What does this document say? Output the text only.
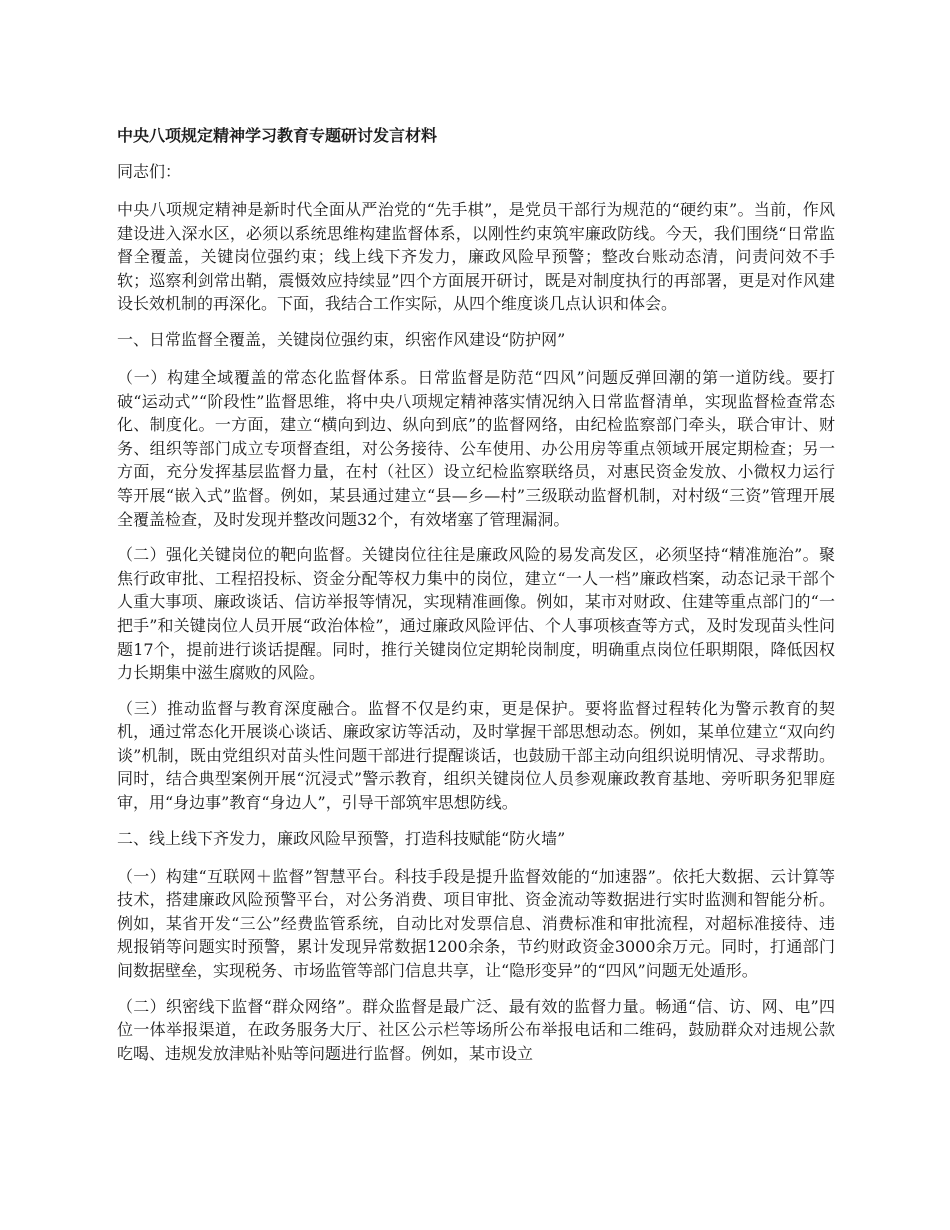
中央八项规定精神学习教育专题研讨发言材料
同志们：

中央八项规定精神是新时代全面从严治党的“先手棋”，是党员干部行为规范的“硬约束”。当前，作风建设进入深水区，必须以系统思维构建监督体系，以刚性约束筑牢廉政防线。今天，我们围绕“日常监督全覆盖，关键岗位强约束；线上线下齐发力，廉政风险早预警；整改台账动态清，问责问效不手软；巡察利剑常出鞘，震慑效应持续显”四个方面展开研讨，既是对制度执行的再部署，更是对作风建设长效机制的再深化。下面，我结合工作实际，从四个维度谈几点认识和体会。

一、日常监督全覆盖，关键岗位强约束，织密作风建设“防护网”

（一）构建全域覆盖的常态化监督体系。日常监督是防范“四风”问题反弹回潮的第一道防线。要打破“运动式”“阶段性”监督思维，将中央八项规定精神落实情况纳入日常监督清单，实现监督检查常态化、制度化。一方面，建立“横向到边、纵向到底”的监督网络，由纪检监察部门牵头，联合审计、财务、组织等部门成立专项督查组，对公务接待、公车使用、办公用房等重点领域开展定期检查；另一方面，充分发挥基层监督力量，在村（社区）设立纪检监察联络员，对惠民资金发放、小微权力运行等开展“嵌入式”监督。例如，某县通过建立“县—乡—村”三级联动监督机制，对村级“三资”管理开展全覆盖检查，及时发现并整改问题32个，有效堵塞了管理漏洞。

（二）强化关键岗位的靶向监督。关键岗位往往是廉政风险的易发高发区，必须坚持“精准施治”。聚焦行政审批、工程招投标、资金分配等权力集中的岗位，建立“一人一档”廉政档案，动态记录干部个人重大事项、廉政谈话、信访举报等情况，实现精准画像。例如，某市对财政、住建等重点部门的“一把手”和关键岗位人员开展“政治体检”，通过廉政风险评估、个人事项核查等方式，及时发现苗头性问题17个，提前进行谈话提醒。同时，推行关键岗位定期轮岗制度，明确重点岗位任职期限，降低因权力长期集中滋生腐败的风险。

（三）推动监督与教育深度融合。监督不仅是约束，更是保护。要将监督过程转化为警示教育的契机，通过常态化开展谈心谈话、廉政家访等活动，及时掌握干部思想动态。例如，某单位建立“双向约谈”机制，既由党组织对苗头性问题干部进行提醒谈话，也鼓励干部主动向组织说明情况、寻求帮助。同时，结合典型案例开展“沉浸式”警示教育，组织关键岗位人员参观廉政教育基地、旁听职务犯罪庭审，用“身边事”教育“身边人”，引导干部筑牢思想防线。

二、线上线下齐发力，廉政风险早预警，打造科技赋能“防火墙”

（一）构建“互联网＋监督”智慧平台。科技手段是提升监督效能的“加速器”。依托大数据、云计算等技术，搭建廉政风险预警平台，对公务消费、项目审批、资金流动等数据进行实时监测和智能分析。例如，某省开发“三公”经费监管系统，自动比对发票信息、消费标准和审批流程，对超标准接待、违规报销等问题实时预警，累计发现异常数据1200余条，节约财政资金3000余万元。同时，打通部门间数据壁垒，实现税务、市场监管等部门信息共享，让“隐形变异”的“四风”问题无处遁形。

（二）织密线下监督“群众网络”。群众监督是最广泛、最有效的监督力量。畅通“信、访、网、电”四位一体举报渠道，在政务服务大厅、社区公示栏等场所公布举报电话和二维码，鼓励群众对违规公款吃喝、违规发放津贴补贴等问题进行监督。例如，某市设立
